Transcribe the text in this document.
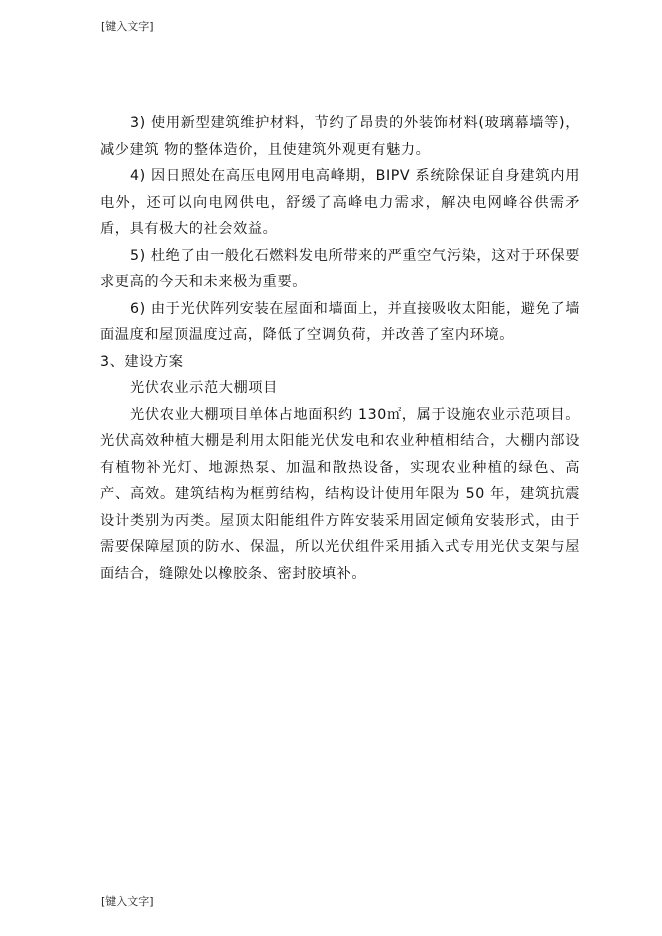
[键入文字]

3) 使用新型建筑维护材料，节约了昂贵的外装饰材料(玻璃幕墙等)，减少建筑 物的整体造价，且使建筑外观更有魅力。

4) 因日照处在高压电网用电高峰期，BIPV 系统除保证自身建筑内用电外，还可以向电网供电，舒缓了高峰电力需求，解决电网峰谷供需矛盾，具有极大的社会效益。

5) 杜绝了由一般化石燃料发电所带来的严重空气污染，这对于环保要求更高的今天和未来极为重要。

6) 由于光伏阵列安装在屋面和墙面上，并直接吸收太阳能，避免了墙面温度和屋顶温度过高，降低了空调负荷，并改善了室内环境。

3、建设方案

光伏农业示范大棚项目

光伏农业大棚项目单体占地面积约 130㎡，属于设施农业示范项目。光伏高效种植大棚是利用太阳能光伏发电和农业种植相结合，大棚内部设有植物补光灯、地源热泵、加温和散热设备，实现农业种植的绿色、高产、高效。建筑结构为框剪结构，结构设计使用年限为 50 年，建筑抗震设计类别为丙类。屋顶太阳能组件方阵安装采用固定倾角安装形式，由于需要保障屋顶的防水、保温，所以光伏组件采用插入式专用光伏支架与屋面结合，缝隙处以橡胶条、密封胶填补。

[键入文字]
